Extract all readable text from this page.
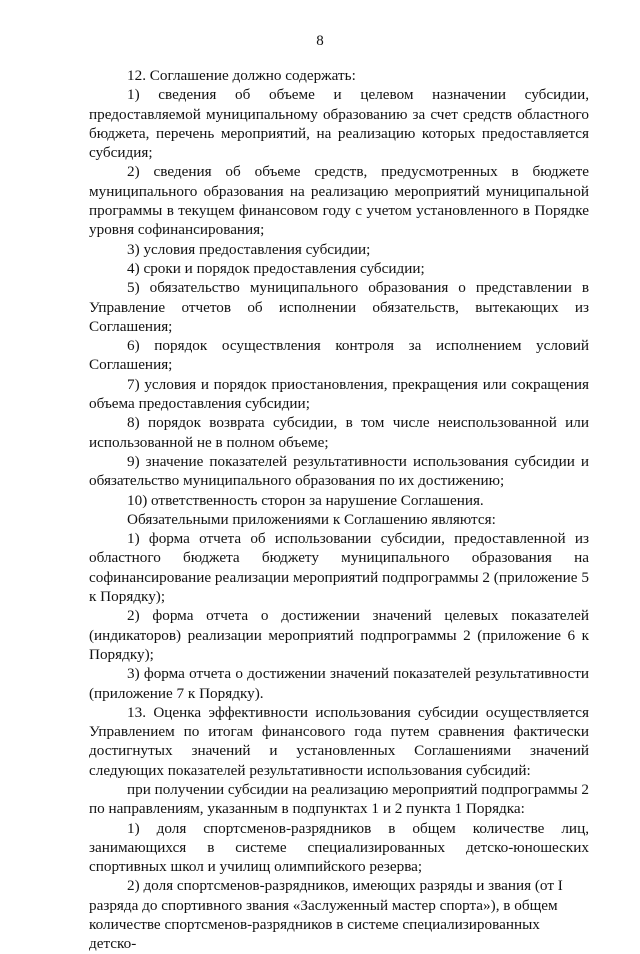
8

12. Соглашение должно содержать:

1) сведения об объеме и целевом назначении субсидии, предоставляемой муниципальному образованию за счет средств областного бюджета, перечень мероприятий, на реализацию которых предоставляется субсидия;

2) сведения об объеме средств, предусмотренных в бюджете муниципального образования на реализацию мероприятий муниципальной программы в текущем финансовом году с учетом установленного в Порядке уровня софинансирования;

3) условия предоставления субсидии;

4) сроки и порядок предоставления субсидии;

5) обязательство муниципального образования о представлении в Управление отчетов об исполнении обязательств, вытекающих из Соглашения;

6) порядок осуществления контроля за исполнением условий Соглашения;

7) условия и порядок приостановления, прекращения или сокращения объема предоставления субсидии;

8) порядок возврата субсидии, в том числе неиспользованной или использованной не в полном объеме;

9) значение показателей результативности использования субсидии и обязательство муниципального образования по их достижению;

10) ответственность сторон за нарушение Соглашения.

Обязательными приложениями к Соглашению являются:

1) форма отчета об использовании субсидии, предоставленной из областного бюджета бюджету муниципального образования на софинансирование реализации мероприятий подпрограммы 2 (приложение 5 к Порядку);

2) форма отчета о достижении значений целевых показателей (индикаторов) реализации мероприятий подпрограммы 2 (приложение 6 к Порядку);

3) форма отчета о достижении значений показателей результативности (приложение 7 к Порядку).

13. Оценка эффективности использования субсидии осуществляется Управлением по итогам финансового года путем сравнения фактически достигнутых значений и установленных Соглашениями значений следующих показателей результативности использования субсидий:

при получении субсидии на реализацию мероприятий подпрограммы 2 по направлениям, указанным в подпунктах 1 и 2 пункта 1 Порядка:

1) доля спортсменов-разрядников в общем количестве лиц, занимающихся в системе специализированных детско-юношеских спортивных школ и училищ олимпийского резерва;

2) доля спортсменов-разрядников, имеющих разряды и звания (от I разряда до спортивного звания «Заслуженный мастер спорта»), в общем количестве спортсменов-разрядников в системе специализированных детско-
